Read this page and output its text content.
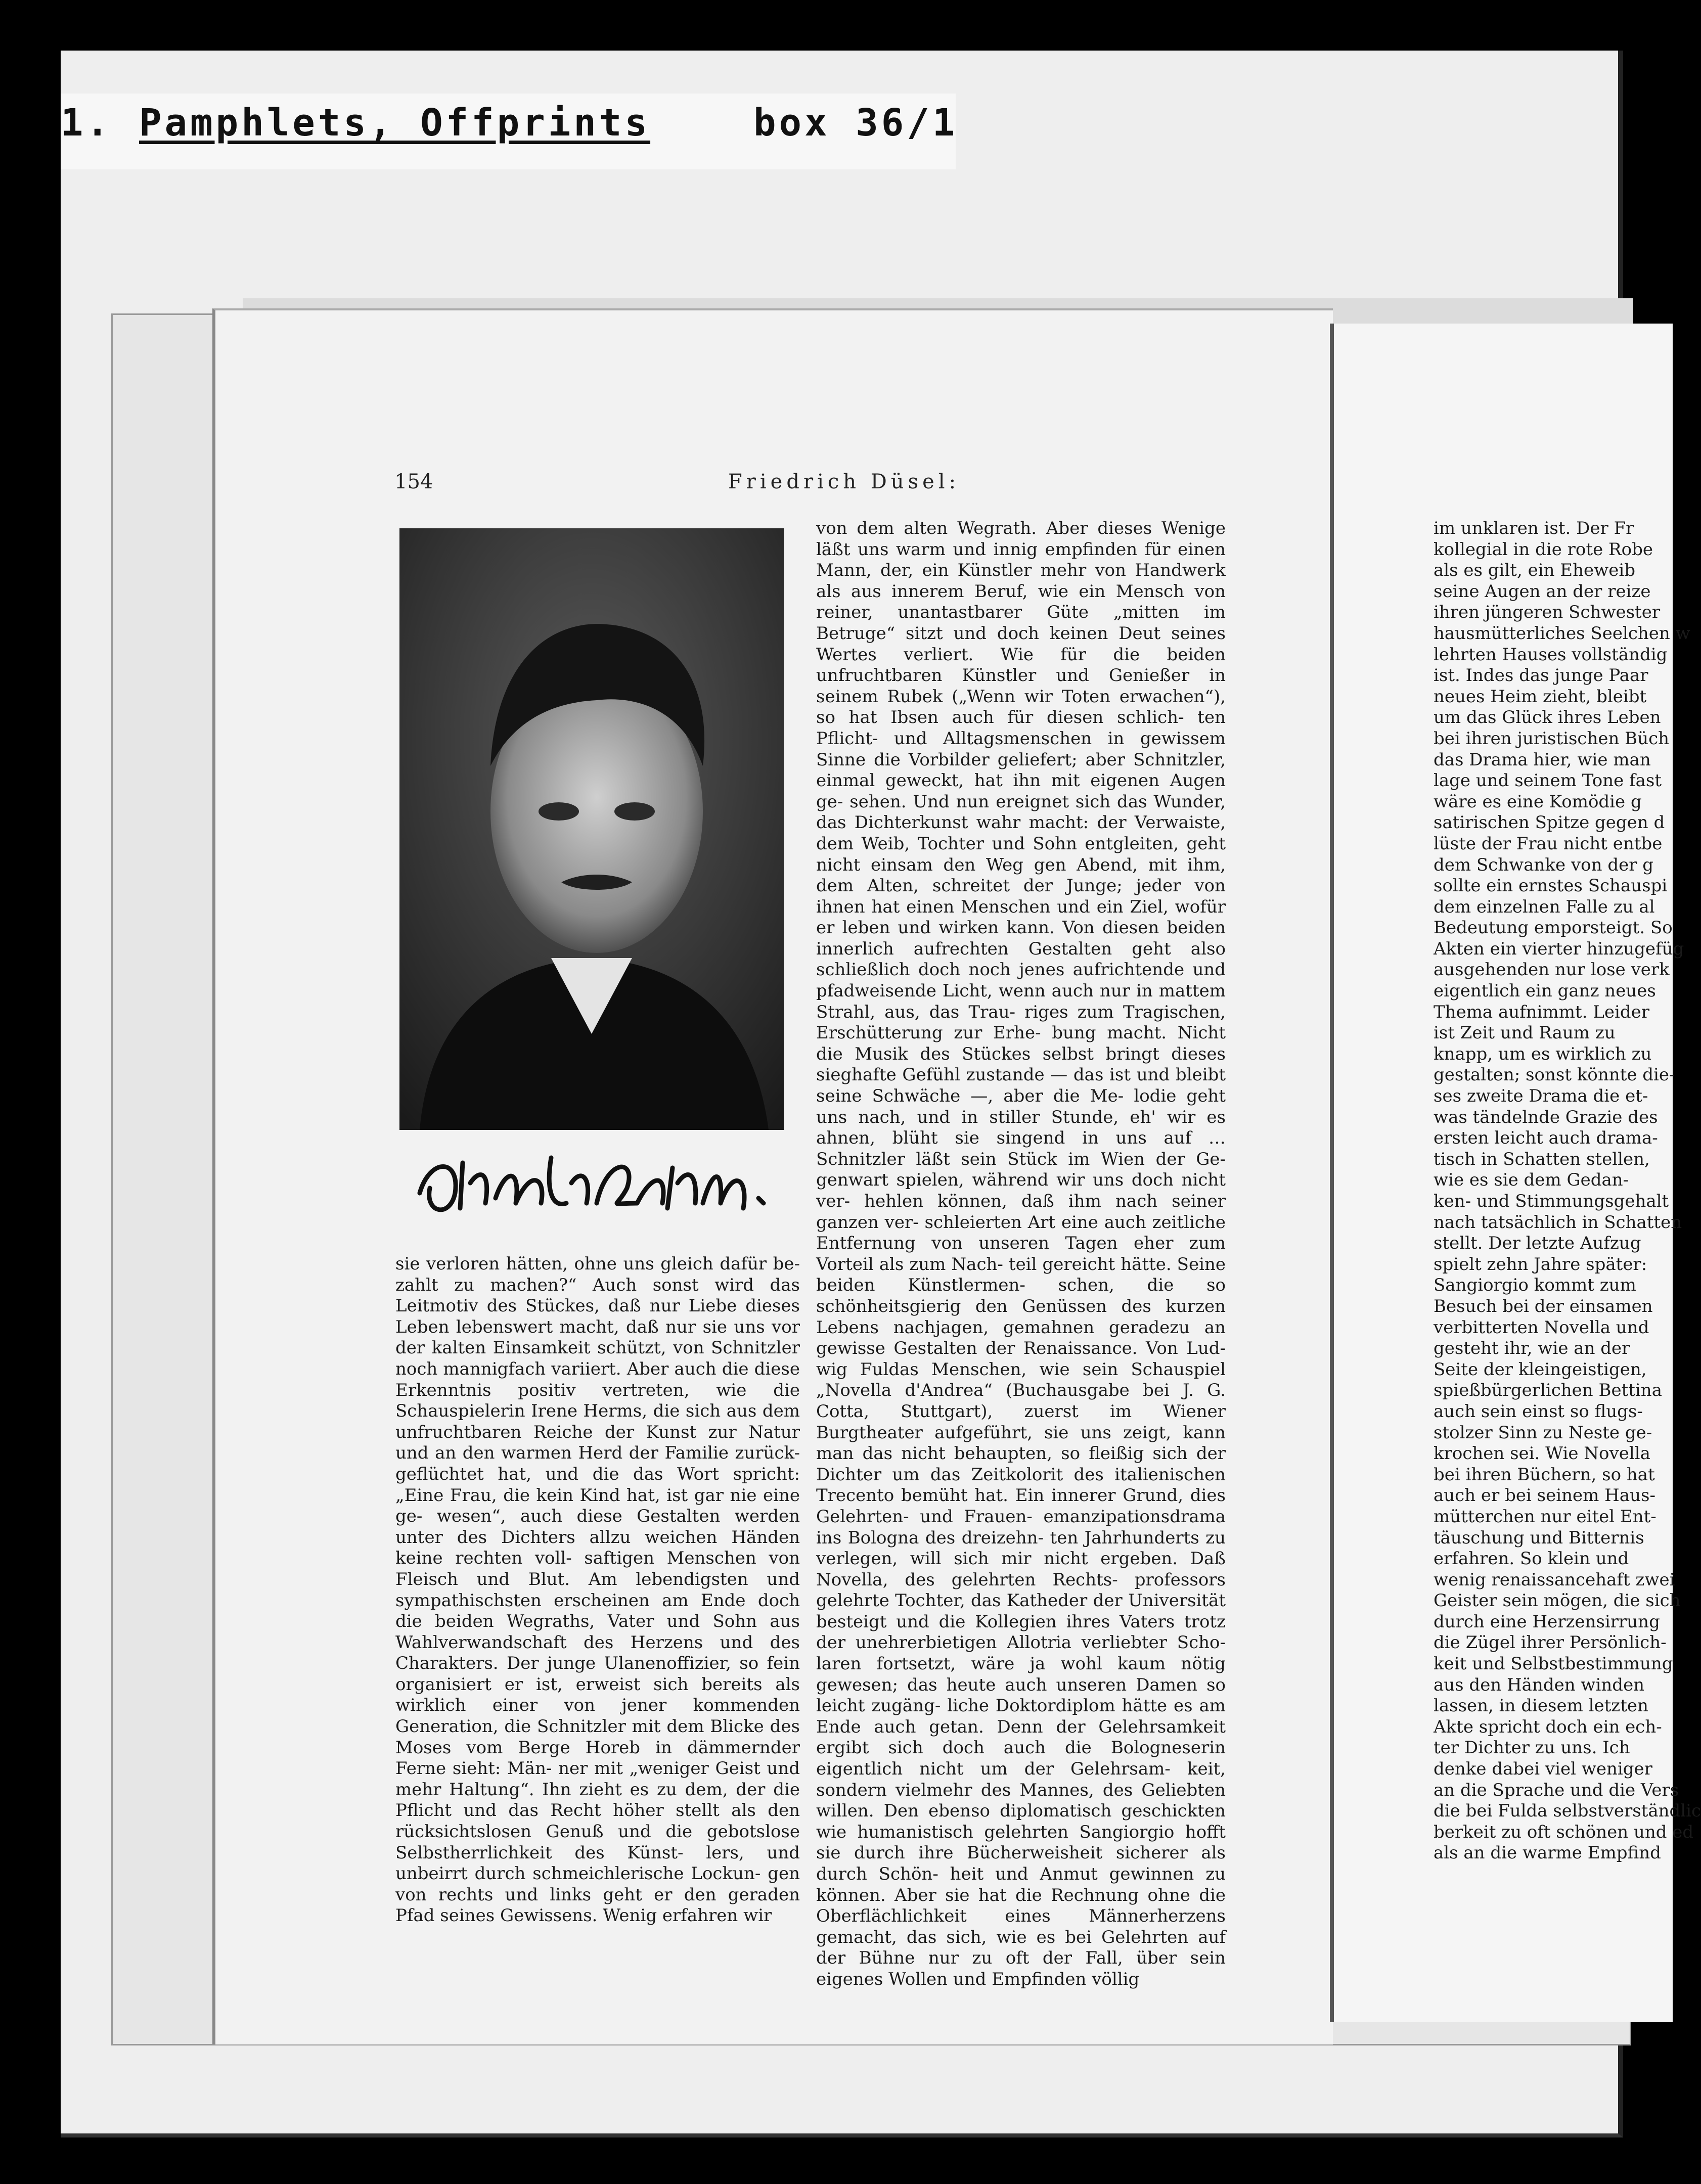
1. Pamphlets, Offprints	box 36/1
154	Friedrich Düsel:

sie verloren hätten, ohne uns gleich dafür be- zahlt zu machen?“ Auch sonst wird das Leitmotiv des Stückes, daß nur Liebe dieses Leben lebenswert macht, daß nur sie uns vor der kalten Einsamkeit schützt, von Schnitzler noch mannigfach variiert. Aber auch die diese Erkenntnis positiv vertreten, wie die Schauspielerin Irene Herms, die sich aus dem unfruchtbaren Reiche der Kunst zur Natur und an den warmen Herd der Familie zurück- geflüchtet hat, und die das Wort spricht: „Eine Frau, die kein Kind hat, ist gar nie eine ge- wesen“, auch diese Gestalten werden unter des Dichters allzu weichen Händen keine rechten voll- saftigen Menschen von Fleisch und Blut. Am lebendigsten und sympathischsten erscheinen am Ende doch die beiden Wegraths, Vater und Sohn aus Wahlverwandschaft des Herzens und des Charakters. Der junge Ulanenoffizier, so fein organisiert er ist, erweist sich bereits als wirklich einer von jener kommenden Generation, die Schnitzler mit dem Blicke des Moses vom Berge Horeb in dämmernder Ferne sieht: Män- ner mit „weniger Geist und mehr Haltung“. Ihn zieht es zu dem, der die Pflicht und das Recht höher stellt als den rücksichtslosen Genuß und die gebotslose Selbstherrlichkeit des Künst- lers, und unbeirrt durch schmeichlerische Lockun- gen von rechts und links geht er den geraden Pfad seines Gewissens. Wenig erfahren wir

von dem alten Wegrath. Aber dieses Wenige läßt uns warm und innig empfinden für einen Mann, der, ein Künstler mehr von Handwerk als aus innerem Beruf, wie ein Mensch von reiner, unantastbarer Güte „mitten im Betruge“ sitzt und doch keinen Deut seines Wertes verliert. Wie für die beiden unfruchtbaren Künstler und Genießer in seinem Rubek („Wenn wir Toten erwachen“), so hat Ibsen auch für diesen schlich- ten Pflicht- und Alltagsmenschen in gewissem Sinne die Vorbilder geliefert; aber Schnitzler, einmal geweckt, hat ihn mit eigenen Augen ge- sehen. Und nun ereignet sich das Wunder, das Dichterkunst wahr macht: der Verwaiste, dem Weib, Tochter und Sohn entgleiten, geht nicht einsam den Weg gen Abend, mit ihm, dem Alten, schreitet der Junge; jeder von ihnen hat einen Menschen und ein Ziel, wofür er leben und wirken kann. Von diesen beiden innerlich aufrechten Gestalten geht also schließlich doch noch jenes aufrichtende und pfadweisende Licht, wenn auch nur in mattem Strahl, aus, das Trau- riges zum Tragischen, Erschütterung zur Erhe- bung macht. Nicht die Musik des Stückes selbst bringt dieses sieghafte Gefühl zustande — das ist und bleibt seine Schwäche —, aber die Me- lodie geht uns nach, und in stiller Stunde, eh' wir es ahnen, blüht sie singend in uns auf … Schnitzler läßt sein Stück im Wien der Ge- genwart spielen, während wir uns doch nicht ver- hehlen können, daß ihm nach seiner ganzen ver- schleierten Art eine auch zeitliche Entfernung von unseren Tagen eher zum Vorteil als zum Nach- teil gereicht hätte. Seine beiden Künstlermen- schen, die so schönheitsgierig den Genüssen des kurzen Lebens nachjagen, gemahnen geradezu an gewisse Gestalten der Renaissance. Von Lud- wig Fuldas Menschen, wie sein Schauspiel „Novella d'Andrea“ (Buchausgabe bei J. G. Cotta, Stuttgart), zuerst im Wiener Burgtheater aufgeführt, sie uns zeigt, kann man das nicht behaupten, so fleißig sich der Dichter um das Zeitkolorit des italienischen Trecento bemüht hat. Ein innerer Grund, dies Gelehrten- und Frauen- emanzipationsdrama ins Bologna des dreizehn- ten Jahrhunderts zu verlegen, will sich mir nicht ergeben. Daß Novella, des gelehrten Rechts- professors gelehrte Tochter, das Katheder der Universität besteigt und die Kollegien ihres Vaters trotz der unehrerbietigen Allotria verliebter Scho- laren fortsetzt, wäre ja wohl kaum nötig gewesen; das heute auch unseren Damen so leicht zugäng- liche Doktordiplom hätte es am Ende auch getan. Denn der Gelehrsamkeit ergibt sich doch auch die Bologneserin eigentlich nicht um der Gelehrsam- keit, sondern vielmehr des Mannes, des Geliebten willen. Den ebenso diplomatisch geschickten wie humanistisch gelehrten Sangiorgio hofft sie durch ihre Bücherweisheit sicherer als durch Schön- heit und Anmut gewinnen zu können. Aber sie hat die Rechnung ohne die Oberflächlichkeit eines Männerherzens gemacht, das sich, wie es bei Gelehrten auf der Bühne nur zu oft der Fall, über sein eigenes Wollen und Empfinden völlig

im unklaren ist. Der Fr
kollegial in die rote Robe
als es gilt, ein Eheweib
seine Augen an der reize
ihren jüngeren Schwester
hausmütterliches Seelchen w
lehrten Hauses vollständig
ist. Indes das junge Paar
neues Heim zieht, bleibt
um das Glück ihres Leben
bei ihren juristischen Büch
das Drama hier, wie man
lage und seinem Tone fast
wäre es eine Komödie g
satirischen Spitze gegen d
lüste der Frau nicht entbe
dem Schwanke von der g
sollte ein ernstes Schauspi
dem einzelnen Falle zu al
Bedeutung emporsteigt. So
Akten ein vierter hinzugefüg
ausgehenden nur lose verk
eigentlich ein ganz neues
Thema aufnimmt. Leider
ist Zeit und Raum zu
knapp, um es wirklich zu
gestalten; sonst könnte die-
ses zweite Drama die et-
was tändelnde Grazie des
ersten leicht auch drama-
tisch in Schatten stellen,
wie es sie dem Gedan-
ken- und Stimmungsgehalt
nach tatsächlich in Schatten
stellt. Der letzte Aufzug
spielt zehn Jahre später:
Sangiorgio kommt zum
Besuch bei der einsamen
verbitterten Novella und
gesteht ihr, wie an der
Seite der kleingeistigen,
spießbürgerlichen Bettina
auch sein einst so flugs-
stolzer Sinn zu Neste ge-
krochen sei. Wie Novella
bei ihren Büchern, so hat
auch er bei seinem Haus-
mütterchen nur eitel Ent-
täuschung und Bitternis
erfahren. So klein und
wenig renaissancehaft zwei
Geister sein mögen, die sich
durch eine Herzensirrung
die Zügel ihrer Persönlich-
keit und Selbstbestimmung
aus den Händen winden
lassen, in diesem letzten
Akte spricht doch ein ech-
ter Dichter zu uns. Ich
denke dabei viel weniger
an die Sprache und die Vers
die bei Fulda selbstverständlic
berkeit zu oft schönen und ed
als an die warme Empfind
